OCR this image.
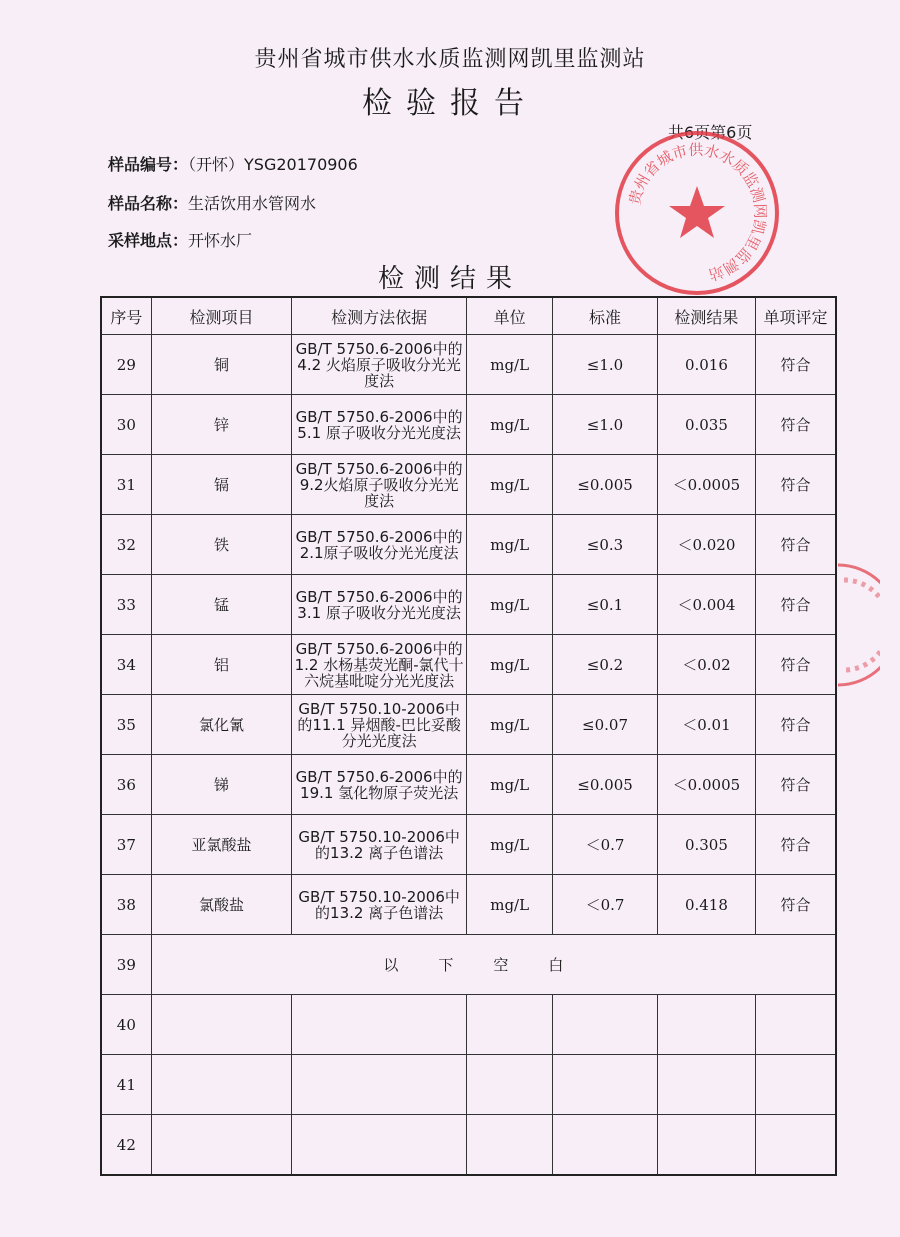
贵州省城市供水水质监测网凯里监测站
检验报告
共6页第6页
样品编号：（开怀）YSG20170906
样品名称：生活饮用水管网水
采样地点：开怀水厂
检测结果
序号	检测项目	检测方法依据	单位	标准	检测结果	单项评定
29	铜	GB/T 5750.6-2006中的4.2 火焰原子吸收分光光度法	mg/L	≤1.0	0.016	符合
30	锌	GB/T 5750.6-2006中的5.1 原子吸收分光光度法	mg/L	≤1.0	0.035	符合
31	镉	GB/T 5750.6-2006中的9.2火焰原子吸收分光光度法	mg/L	≤0.005	＜0.0005	符合
32	铁	GB/T 5750.6-2006中的2.1原子吸收分光光度法	mg/L	≤0.3	＜0.020	符合
33	锰	GB/T 5750.6-2006中的3.1 原子吸收分光光度法	mg/L	≤0.1	＜0.004	符合
34	铝	GB/T 5750.6-2006中的1.2 水杨基荧光酮-氯代十六烷基吡啶分光光度法	mg/L	≤0.2	＜0.02	符合
35	氯化氰	GB/T 5750.10-2006中的11.1 异烟酸-巴比妥酸分光光度法	mg/L	≤0.07	＜0.01	符合
36	锑	GB/T 5750.6-2006中的19.1 氢化物原子荧光法	mg/L	≤0.005	＜0.0005	符合
37	亚氯酸盐	GB/T 5750.10-2006中的13.2 离子色谱法	mg/L	＜0.7	0.305	符合
38	氯酸盐	GB/T 5750.10-2006中的13.2 离子色谱法	mg/L	＜0.7	0.418	符合
39	以下空白					
40						
41						
42						
贵州省城市供水水质监测网凯里监测站
